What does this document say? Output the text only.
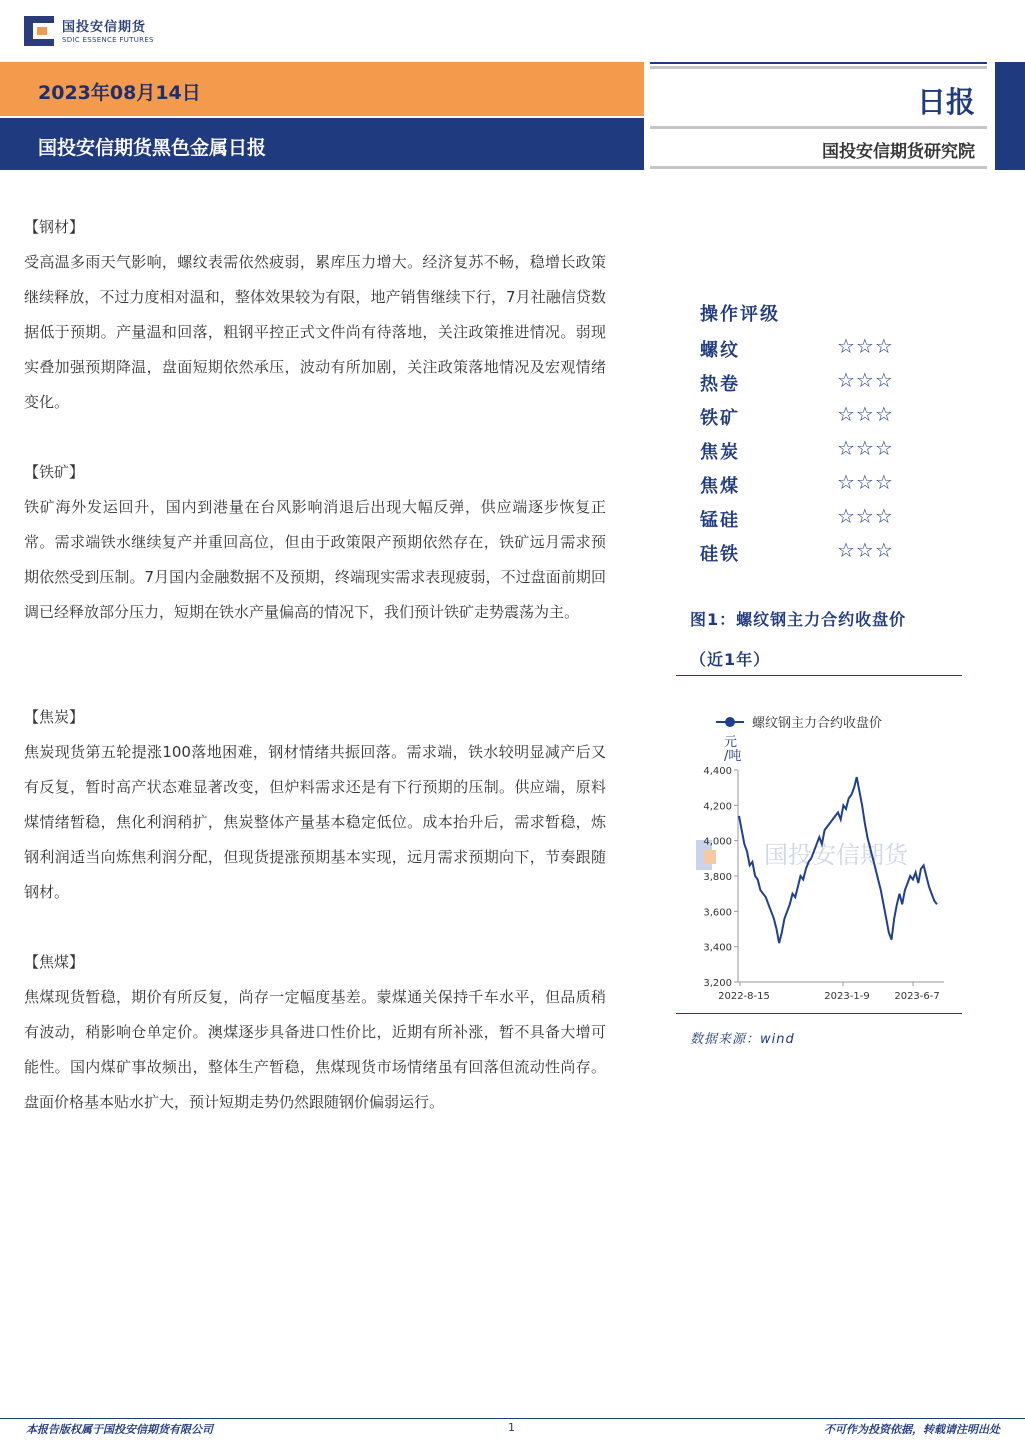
国投安信期货
SDIC ESSENCE FUTURES
2023年08月14日
国投安信期货黑色金属日报
日报
国投安信期货研究院
【钢材】

受高温多雨天气影响，螺纹表需依然疲弱，累库压力增大。经济复苏不畅，稳增长政策继续释放，不过力度相对温和，整体效果较为有限，地产销售继续下行，7月社融信贷数据低于预期。产量温和回落，粗钢平控正式文件尚有待落地，关注政策推进情况。弱现实叠加强预期降温，盘面短期依然承压，波动有所加剧，关注政策落地情况及宏观情绪变化。

【铁矿】

铁矿海外发运回升，国内到港量在台风影响消退后出现大幅反弹，供应端逐步恢复正常。需求端铁水继续复产并重回高位，但由于政策限产预期依然存在，铁矿远月需求预期依然受到压制。7月国内金融数据不及预期，终端现实需求表现疲弱，不过盘面前期回调已经释放部分压力，短期在铁水产量偏高的情况下，我们预计铁矿走势震荡为主。

【焦炭】

焦炭现货第五轮提涨100落地困难，钢材情绪共振回落。需求端，铁水较明显减产后又有反复，暂时高产状态难显著改变，但炉料需求还是有下行预期的压制。供应端，原料煤情绪暂稳，焦化利润稍扩，焦炭整体产量基本稳定低位。成本抬升后，需求暂稳，炼钢利润适当向炼焦利润分配，但现货提涨预期基本实现，远月需求预期向下，节奏跟随钢材。

【焦煤】

焦煤现货暂稳，期价有所反复，尚存一定幅度基差。蒙煤通关保持千车水平，但品质稍有波动，稍影响仓单定价。澳煤逐步具备进口性价比，近期有所补涨，暂不具备大增可能性。国内煤矿事故频出，整体生产暂稳，焦煤现货市场情绪虽有回落但流动性尚存。盘面价格基本贴水扩大，预计短期走势仍然跟随钢价偏弱运行。

操作评级
螺纹	☆☆☆
热卷	☆☆☆
铁矿	☆☆☆
焦炭	☆☆☆
焦煤	☆☆☆
锰硅	☆☆☆
硅铁	☆☆☆
图1：螺纹钢主力合约收盘价
（近1年）
国投安信期货
螺纹钢主力合约收盘价
元/吨
4,400
4,200
4,000
3,800
3,600
3,400
3,200
2022-8-15	2023-1-9 2023-6-7
数据来源：wind
本报告版权属于国投安信期货有限公司	1	不可作为投资依据，转载请注明出处
